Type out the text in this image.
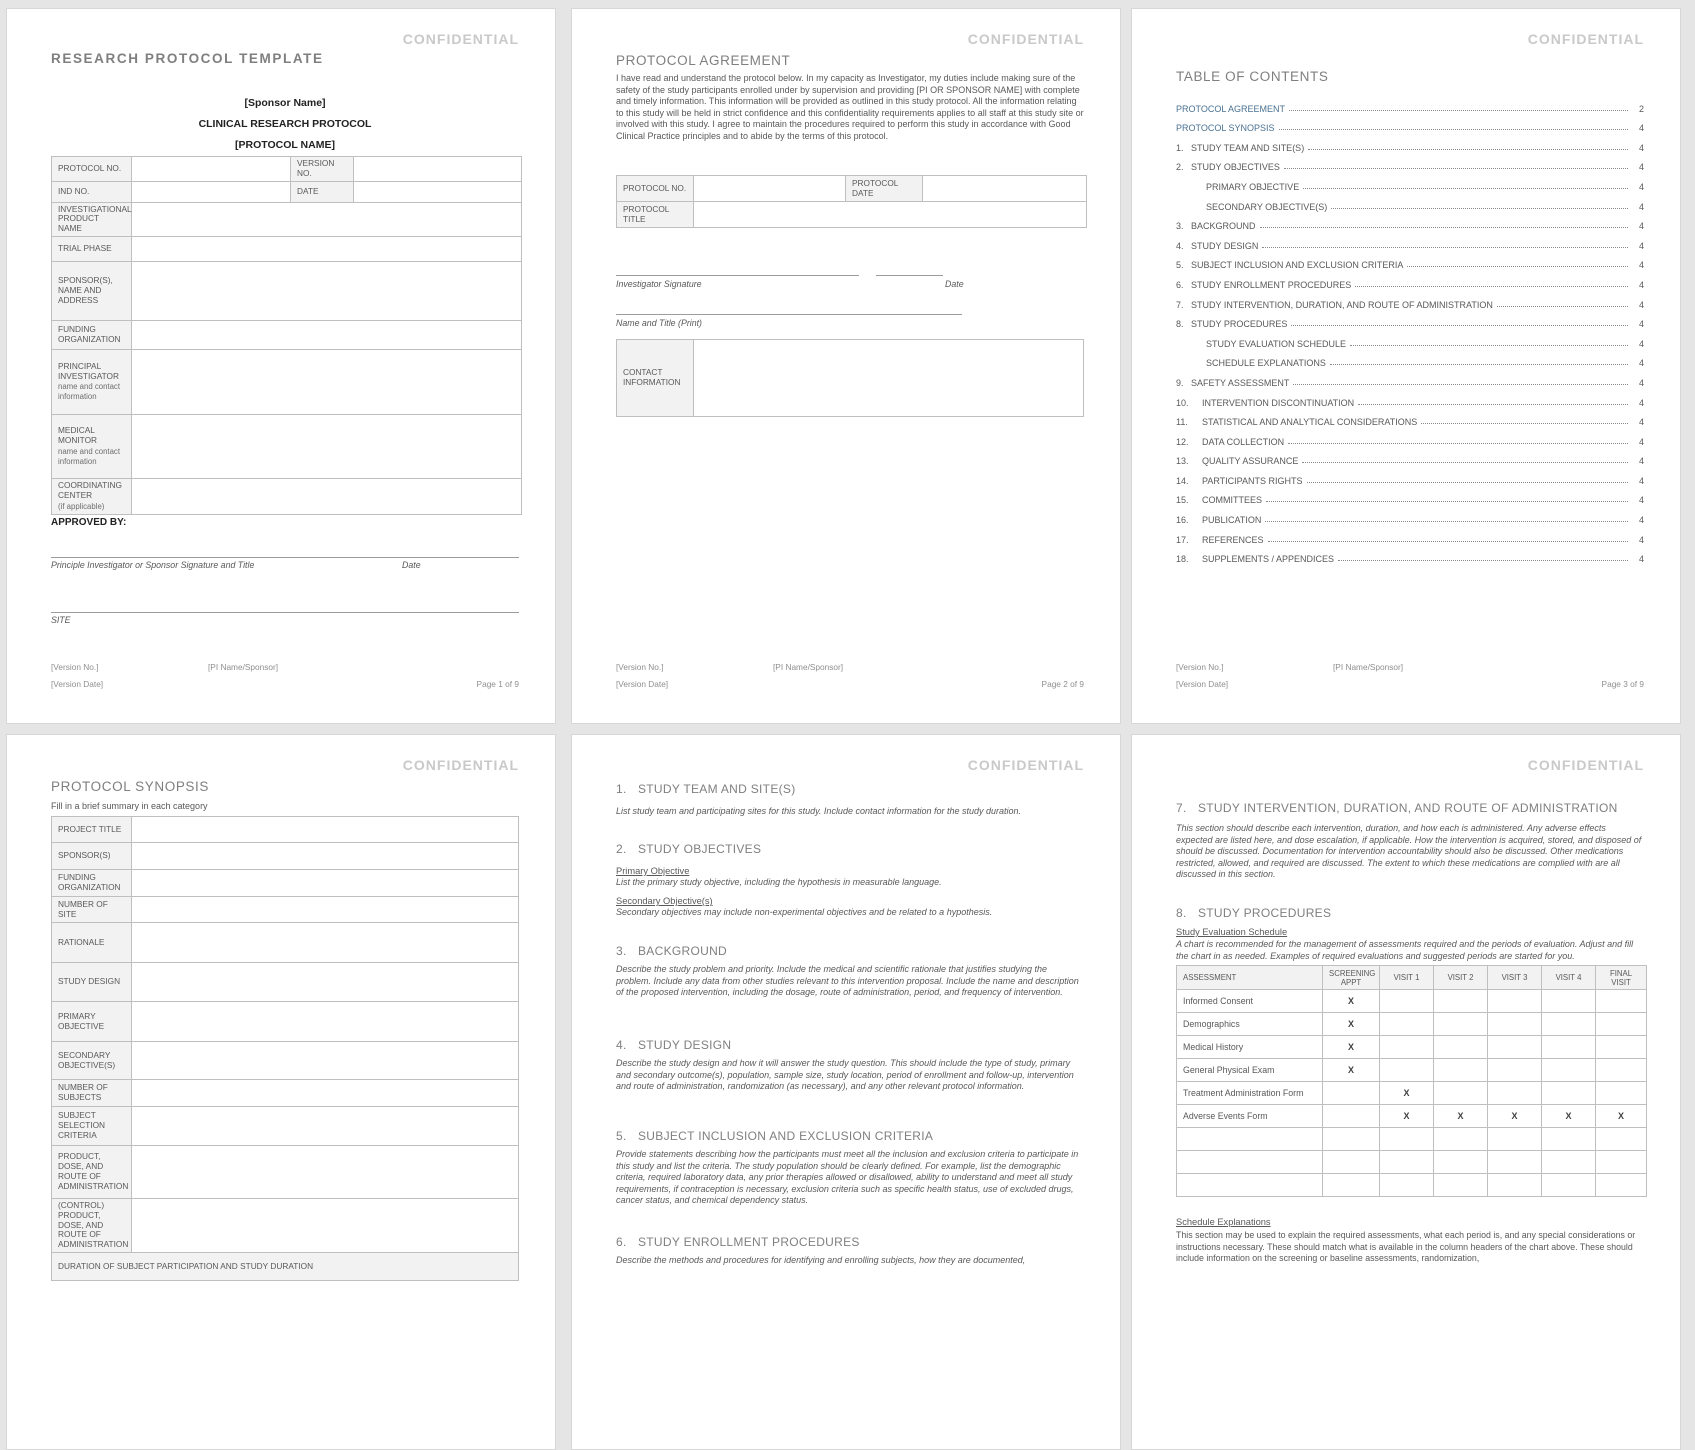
CONFIDENTIAL
RESEARCH PROTOCOL TEMPLATE
[Sponsor Name]
CLINICAL RESEARCH PROTOCOL
[PROTOCOL NAME]
PROTOCOL NO.		VERSION NO.	
IND NO.		DATE	
INVESTIGATIONAL PRODUCT NAME			
TRIAL PHASE			
SPONSOR(S), NAME AND ADDRESS			
FUNDING ORGANIZATION			
PRINCIPAL INVESTIGATOR
name and contact information			

MEDICAL MONITOR
name and contact information			

COORDINATING CENTER
(if applicable)			

APPROVED BY:
Principle Investigator or Sponsor Signature and Title	Date
SITE
[Version No.]	[PI Name/Sponsor]
[Version Date]	Page 1 of 9
CONFIDENTIAL
PROTOCOL AGREEMENT
I have read and understand the protocol below. In my capacity as Investigator, my duties include making sure of the safety of the study participants enrolled under by supervision and providing [PI OR SPONSOR NAME] with complete and timely information. This information will be provided as outlined in this study protocol. All the information relating to this study will be held in strict confidence and this confidentiality requirements applies to all staff at this study site or involved with this study. I agree to maintain the procedures required to perform this study in accordance with Good Clinical Practice principles and to abide by the terms of this protocol.
PROTOCOL NO.		PROTOCOL DATE	
PROTOCOL TITLE			
Investigator Signature	Date
Name and Title (Print)
CONTACT INFORMATION	
[Version No.]	[PI Name/Sponsor]
[Version Date]	Page 2 of 9
CONFIDENTIAL
TABLE OF CONTENTS
PROTOCOL AGREEMENT	2
PROTOCOL SYNOPSIS	4
1. STUDY TEAM AND SITE(S)	4
2. STUDY OBJECTIVES	4
PRIMARY OBJECTIVE	4
SECONDARY OBJECTIVE(S)	4
3. BACKGROUND	4
4. STUDY DESIGN	4
5. SUBJECT INCLUSION AND EXCLUSION CRITERIA	4
6. STUDY ENROLLMENT PROCEDURES	4
7. STUDY INTERVENTION, DURATION, AND ROUTE OF ADMINISTRATION	4
8. STUDY PROCEDURES	4
STUDY EVALUATION SCHEDULE	4
SCHEDULE EXPLANATIONS	4
9. SAFETY ASSESSMENT	4
10.	INTERVENTION DISCONTINUATION	4
11.	STATISTICAL AND ANALYTICAL CONSIDERATIONS	4
12.	DATA COLLECTION	4
13.	QUALITY ASSURANCE	4
14.	PARTICIPANTS RIGHTS	4
15.	COMMITTEES	4
16.	PUBLICATION	4
17.	REFERENCES	4
18.	SUPPLEMENTS / APPENDICES	4
[Version No.]	[PI Name/Sponsor]
[Version Date]	Page 3 of 9
CONFIDENTIAL
PROTOCOL SYNOPSIS
Fill in a brief summary in each category
PROJECT TITLE	
SPONSOR(S)	
FUNDING ORGANIZATION	
NUMBER OF SITE	
RATIONALE	
STUDY DESIGN	
PRIMARY OBJECTIVE	
SECONDARY OBJECTIVE(S)	
NUMBER OF SUBJECTS	
SUBJECT SELECTION CRITERIA	
PRODUCT, DOSE, AND ROUTE OF ADMINISTRATION	
(CONTROL) PRODUCT, DOSE, AND ROUTE OF ADMINISTRATION	
DURATION OF SUBJECT PARTICIPATION AND STUDY DURATION	
CONFIDENTIAL
1. STUDY TEAM AND SITE(S)
List study team and participating sites for this study. Include contact information for the study duration.
2. STUDY OBJECTIVES
Primary Objective
List the primary study objective, including the hypothesis in measurable language.
Secondary Objective(s)
Secondary objectives may include non-experimental objectives and be related to a hypothesis.
3. BACKGROUND
Describe the study problem and priority. Include the medical and scientific rationale that justifies studying the problem. Include any data from other studies relevant to this intervention proposal. Include the name and description of the proposed intervention, including the dosage, route of administration, period, and frequency of intervention.
4. STUDY DESIGN
Describe the study design and how it will answer the study question. This should include the type of study, primary and secondary outcome(s), population, sample size, study location, period of enrollment and follow-up, intervention and route of administration, randomization (as necessary), and any other relevant protocol information.
5. SUBJECT INCLUSION AND EXCLUSION CRITERIA
Provide statements describing how the participants must meet all the inclusion and exclusion criteria to participate in this study and list the criteria. The study population should be clearly defined. For example, list the demographic criteria, required laboratory data, any prior therapies allowed or disallowed, ability to understand and meet all study requirements, if contraception is necessary, exclusion criteria such as specific health status, use of excluded drugs, cancer status, and chemical dependency status.
6. STUDY ENROLLMENT PROCEDURES
Describe the methods and procedures for identifying and enrolling subjects, how they are documented,
CONFIDENTIAL
7. STUDY INTERVENTION, DURATION, AND ROUTE OF ADMINISTRATION
This section should describe each intervention, duration, and how each is administered. Any adverse effects expected are listed here, and dose escalation, if applicable. How the intervention is acquired, stored, and disposed of should be discussed. Documentation for intervention accountability should also be discussed. Other medications restricted, allowed, and required are discussed. The extent to which these medications are complied with are all discussed in this section.
8. STUDY PROCEDURES
Study Evaluation Schedule
A chart is recommended for the management of assessments required and the periods of evaluation. Adjust and fill the chart in as needed. Examples of required evaluations and suggested periods are started for you.
ASSESSMENT	SCREENING APPT	VISIT 1	VISIT 2	VISIT 3	VISIT 4	FINAL VISIT
Informed Consent	X					
Demographics	X					
Medical History	X					
General Physical Exam	X					
Treatment Administration Form		X				
Adverse Events Form		X	X	X	X	X

Schedule Explanations
This section may be used to explain the required assessments, what each period is, and any special considerations or instructions necessary. These should match what is available in the column headers of the chart above. These should include information on the screening or baseline assessments, randomization,
